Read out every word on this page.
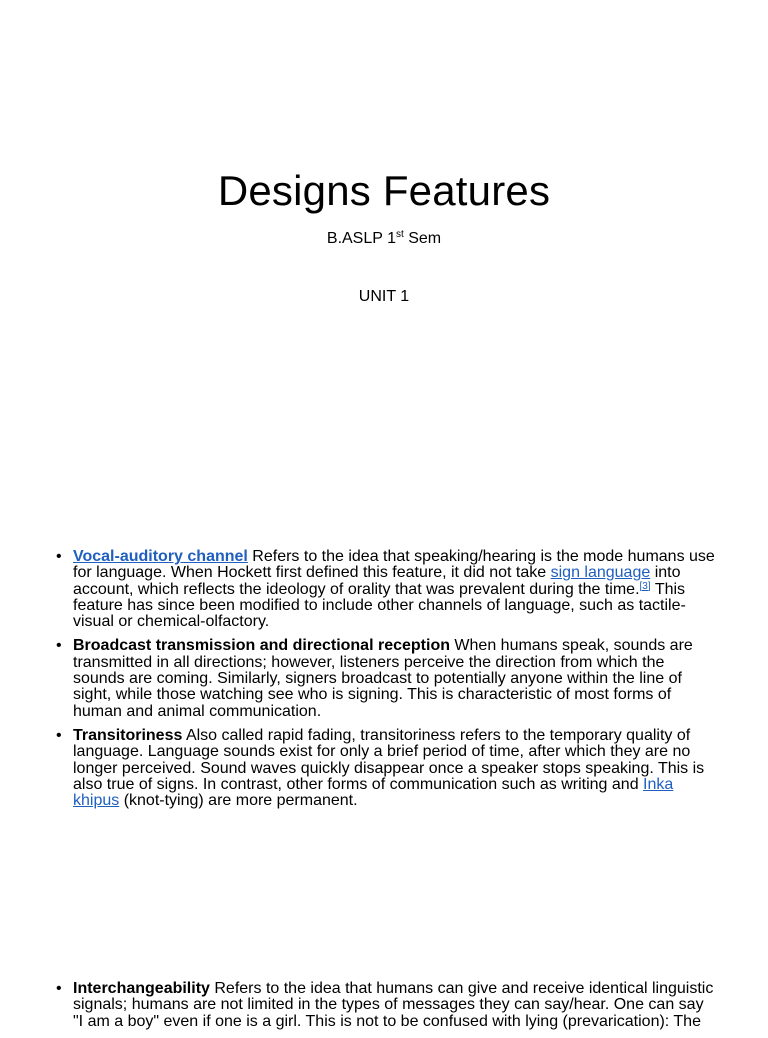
Designs Features

B.ASLP 1st Sem

UNIT 1

• Vocal-auditory channel Refers to the idea that speaking/hearing is the mode humans use for language. When Hockett first defined this feature, it did not take sign language into account, which reflects the ideology of orality that was prevalent during the time.[3] This feature has since been modified to include other channels of language, such as tactile-visual or chemical-olfactory.
• Broadcast transmission and directional reception When humans speak, sounds are transmitted in all directions; however, listeners perceive the direction from which the sounds are coming. Similarly, signers broadcast to potentially anyone within the line of sight, while those watching see who is signing. This is characteristic of most forms of human and animal communication.
• Transitoriness Also called rapid fading, transitoriness refers to the temporary quality of language. Language sounds exist for only a brief period of time, after which they are no longer perceived. Sound waves quickly disappear once a speaker stops speaking. This is also true of signs. In contrast, other forms of communication such as writing and Inka khipus (knot-tying) are more permanent.
• Interchangeability Refers to the idea that humans can give and receive identical linguistic signals; humans are not limited in the types of messages they can say/hear. One can say "I am a boy" even if one is a girl. This is not to be confused with lying (prevarication): The
